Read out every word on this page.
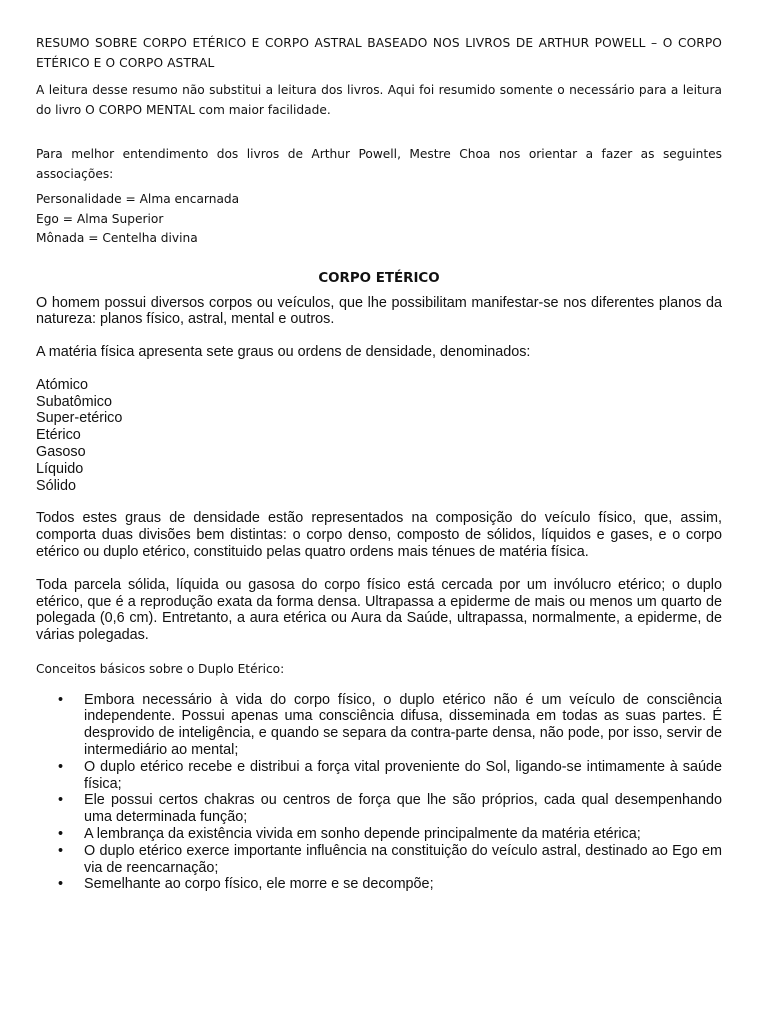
RESUMO SOBRE CORPO ETÉRICO E CORPO ASTRAL BASEADO NOS LIVROS DE ARTHUR POWELL – O CORPO ETÉRICO E O CORPO ASTRAL

A leitura desse resumo não substitui a leitura dos livros. Aqui foi resumido somente o necessário para a leitura do livro O CORPO MENTAL com maior facilidade.

Para melhor entendimento dos livros de Arthur Powell, Mestre Choa nos orientar a fazer as seguintes associações:

Personalidade = Alma encarnada
Ego = Alma Superior
Mônada = Centelha divina
CORPO ETÉRICO

O homem possui diversos corpos ou veículos, que lhe possibilitam manifestar-se nos diferentes planos da natureza: planos físico, astral, mental e outros.

A matéria física apresenta sete graus ou ordens de densidade, denominados:

Atómico
Subatômico
Super-etérico
Etérico
Gasoso
Líquido
Sólido

Todos estes graus de densidade estão representados na composição do veículo físico, que, assim, comporta duas divisões bem distintas: o corpo denso, composto de sólidos, líquidos e gases, e o corpo etérico ou duplo etérico, constituido pelas quatro ordens mais ténues de matéria física.

Toda parcela sólida, líquida ou gasosa do corpo físico está cercada por um invólucro etérico; o duplo etérico, que é a reprodução exata da forma densa. Ultrapassa a epiderme de mais ou menos um quarto de polegada (0,6 cm). Entretanto, a aura etérica ou Aura da Saúde, ultrapassa, normalmente, a epiderme, de várias polegadas.

Conceitos básicos sobre o Duplo Etérico:

• Embora necessário à vida do corpo físico, o duplo etérico não é um veículo de consciência independente. Possui apenas uma consciência difusa, disseminada em todas as suas partes. É desprovido de inteligência, e quando se separa da contra-parte densa, não pode, por isso, servir de intermediário ao mental;
• O duplo etérico recebe e distribui a força vital proveniente do Sol, ligando-se intimamente à saúde física;
• Ele possui certos chakras ou centros de força que lhe são próprios, cada qual desempenhando uma determinada função;
• A lembrança da existência vivida em sonho depende principalmente da matéria etérica;
• O duplo etérico exerce importante influência na constituição do veículo astral, destinado ao Ego em via de reencarnação;
• Semelhante ao corpo físico, ele morre e se decompõe;
